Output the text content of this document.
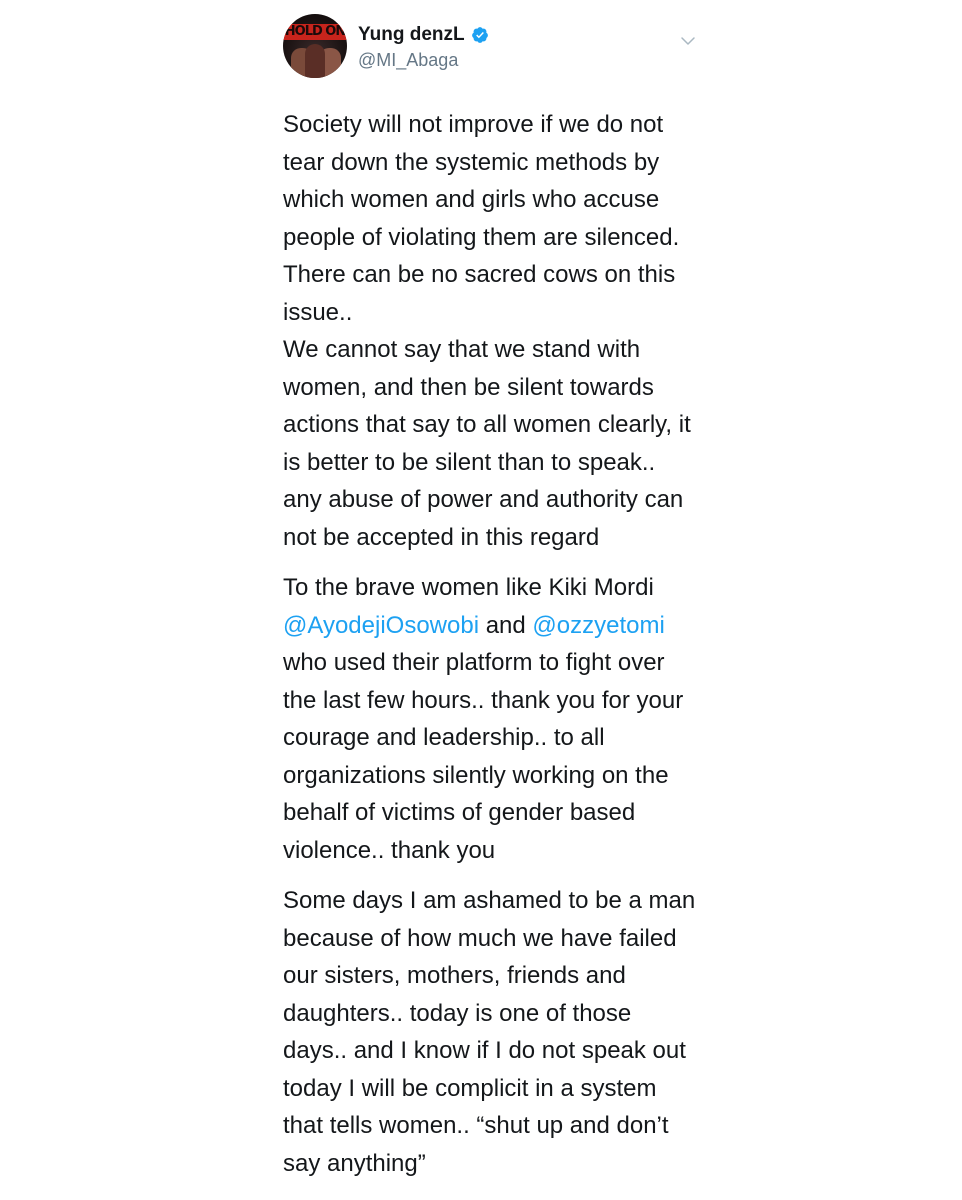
HOLD ON Yung denzL
@MI_Abaga

Society will not improve if we do not
tear down the systemic methods by
which women and girls who accuse
people of violating them are silenced.
There can be no sacred cows on this
issue..
We cannot say that we stand with
women, and then be silent towards
actions that say to all women clearly, it
is better to be silent than to speak..
any abuse of power and authority can
not be accepted in this regard

To the brave women like Kiki Mordi
@AyodejiOsowobi and @ozzyetomi
who used their platform to fight over
the last few hours.. thank you for your
courage and leadership.. to all
organizations silently working on the
behalf of victims of gender based
violence.. thank you

Some days I am ashamed to be a man
because of how much we have failed
our sisters, mothers, friends and
daughters.. today is one of those
days.. and I know if I do not speak out
today I will be complicit in a system
that tells women.. “shut up and don’t
say anything”
